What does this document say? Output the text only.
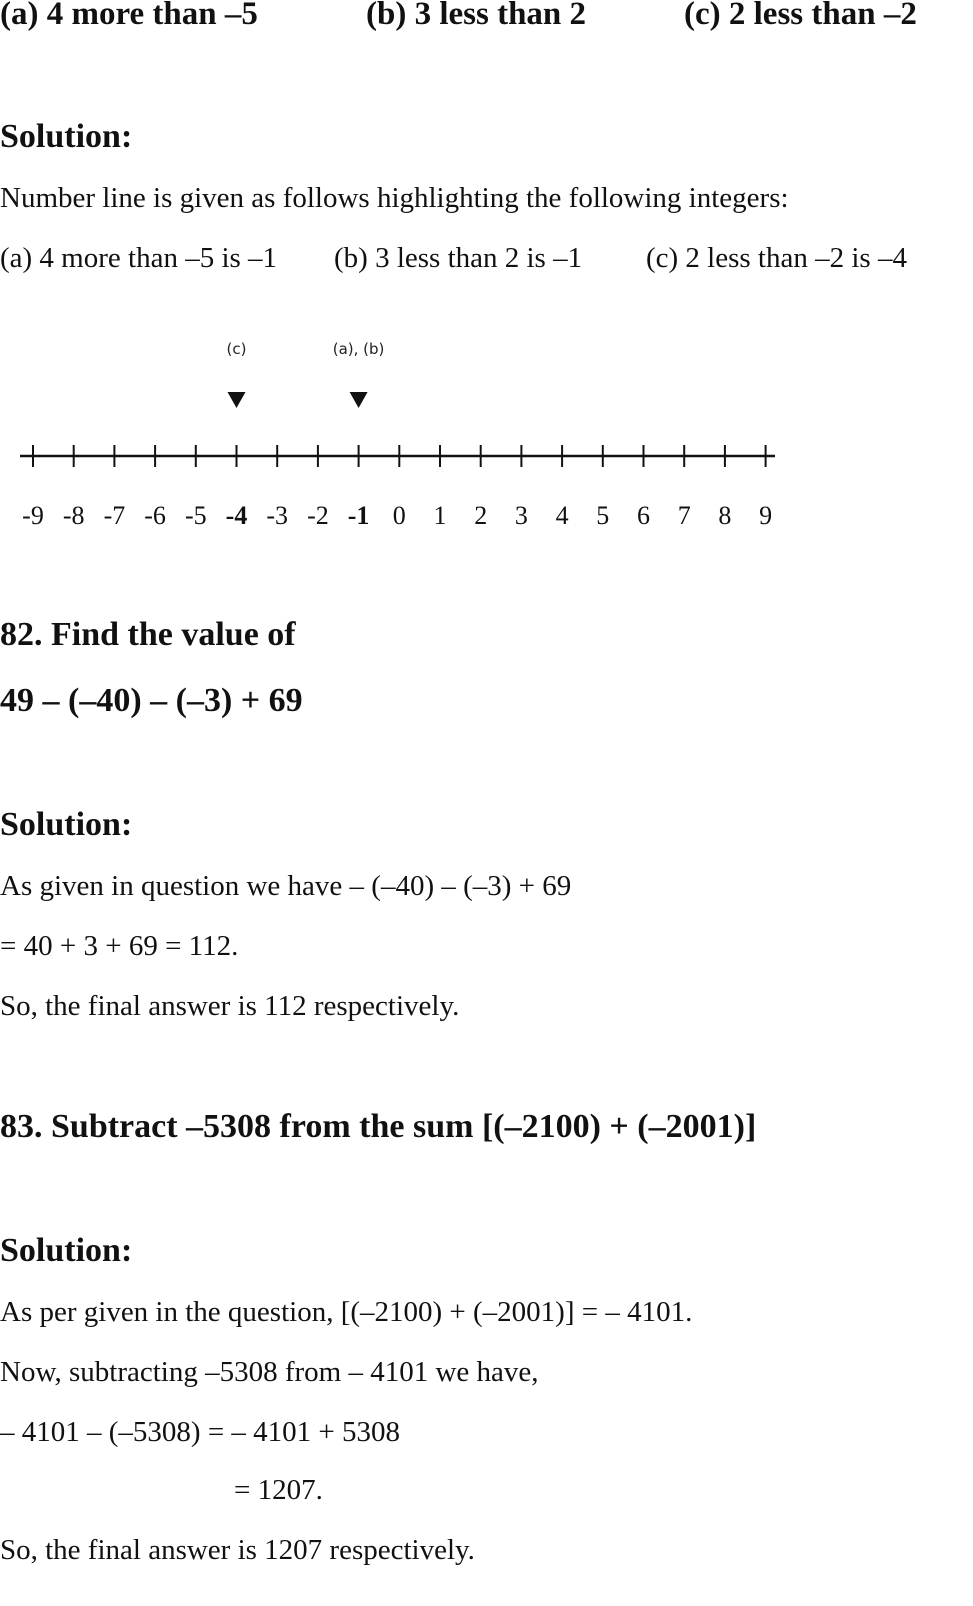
(a) 4 more than –5	(b) 3 less than 2	(c) 2 less than –2
Solution:
Number line is given as follows highlighting the following integers:
(a) 4 more than –5 is –1 (b) 3 less than 2 is –1 (c) 2 less than –2 is –4
-9 -8 -7 -6 -5 -4 -3 -2 -1 0 1 2 3 4 5 6 7 8 9
(c)	(a), (b)
82. Find the value of
49 – (–40) – (–3) + 69
Solution:
As given in question we have – (–40) – (–3) + 69
= 40 + 3 + 69 = 112.
So, the final answer is 112 respectively.
83. Subtract –5308 from the sum [(–2100) + (–2001)]
Solution:
As per given in the question, [(–2100) + (–2001)] = – 4101.
Now, subtracting –5308 from – 4101 we have,
– 4101 – (–5308) = – 4101 + 5308
= 1207.
So, the final answer is 1207 respectively.
